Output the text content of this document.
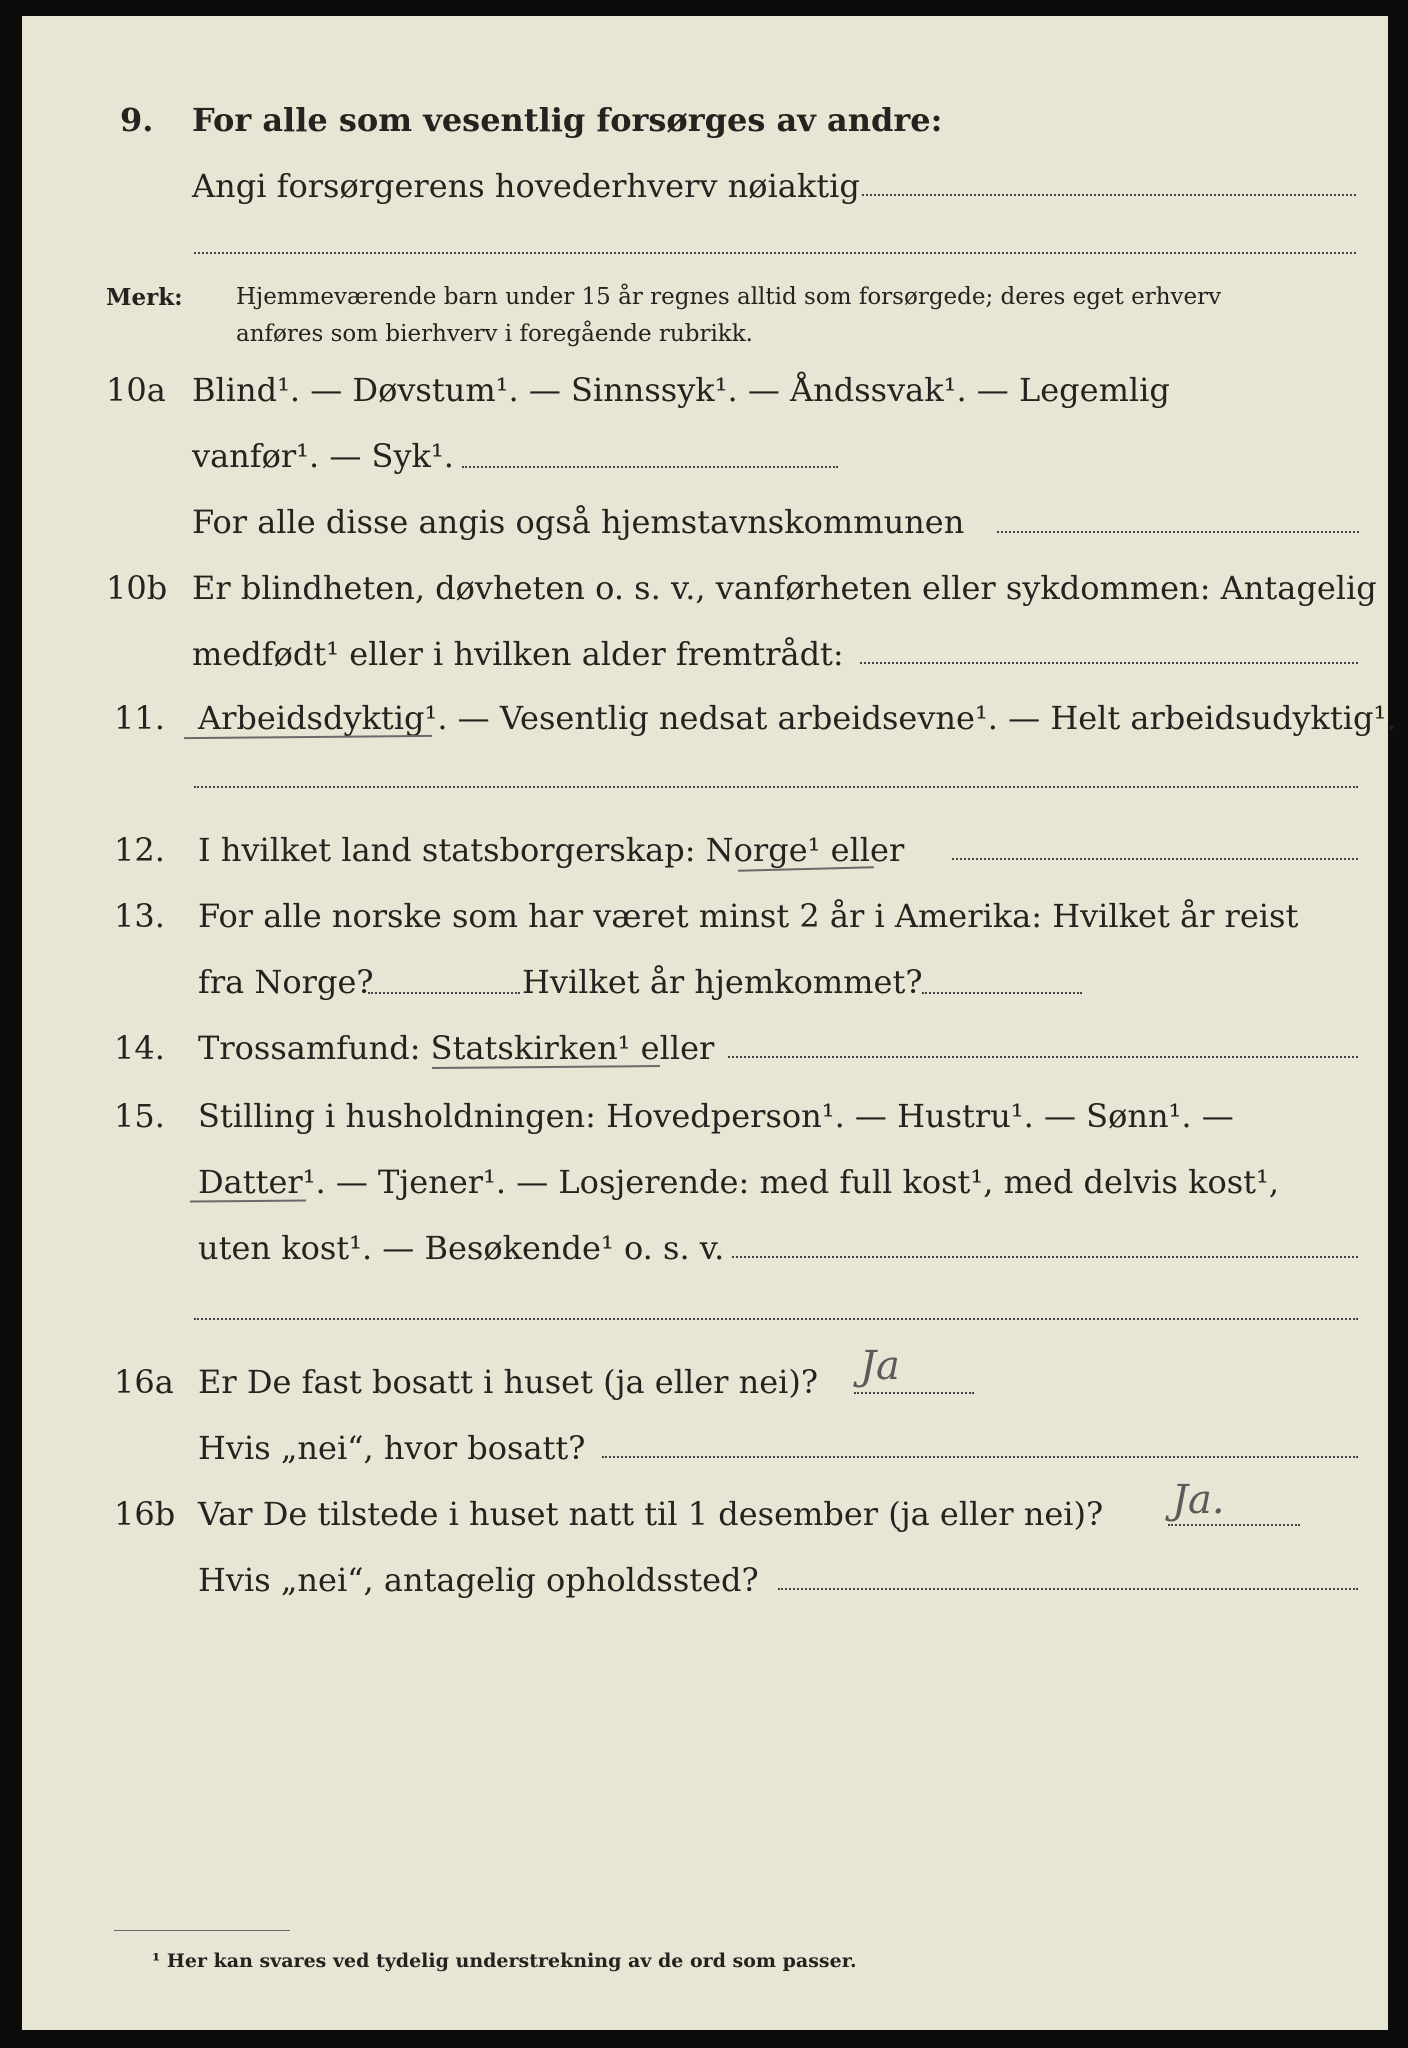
9. For alle som vesentlig forsørges av andre:
Angi forsørgerens hovederhverv nøiaktig
Merk: Hjemmeværende barn under 15 år regnes alltid som forsørgede; deres eget erhverv
anføres som bierhverv i foregående rubrikk.
10a Blind¹. — Døvstum¹. — Sinnssyk¹. — Åndssvak¹. — Legemlig
vanfør¹. — Syk¹.
For alle disse angis også hjemstavnskommunen
10b Er blindheten, døvheten o. s. v., vanførheten eller sykdommen: Antagelig
medfødt¹ eller i hvilken alder fremtrådt:
11. Arbeidsdyktig¹. — Vesentlig nedsat arbeidsevne¹. — Helt arbeidsudyktig¹.
12. I hvilket land statsborgerskap: Norge¹ eller
13. For alle norske som har været minst 2 år i Amerika: Hvilket år reist
fra Norge?	Hvilket år hjemkommet?
14. Trossamfund: Statskirken¹ eller
15. Stilling i husholdningen: Hovedperson¹. — Hustru¹. — Sønn¹. —
Datter¹. — Tjener¹. — Losjerende: med full kost¹, med delvis kost¹,
uten kost¹. — Besøkende¹ o. s. v.
16a Er De fast bosatt i huset (ja eller nei)? Ja
Hvis „nei“, hvor bosatt?
16b Var De tilstede i huset natt til 1 desember (ja eller nei)? Ja.
Hvis „nei“, antagelig opholdssted?
¹ Her kan svares ved tydelig understrekning av de ord som passer.
